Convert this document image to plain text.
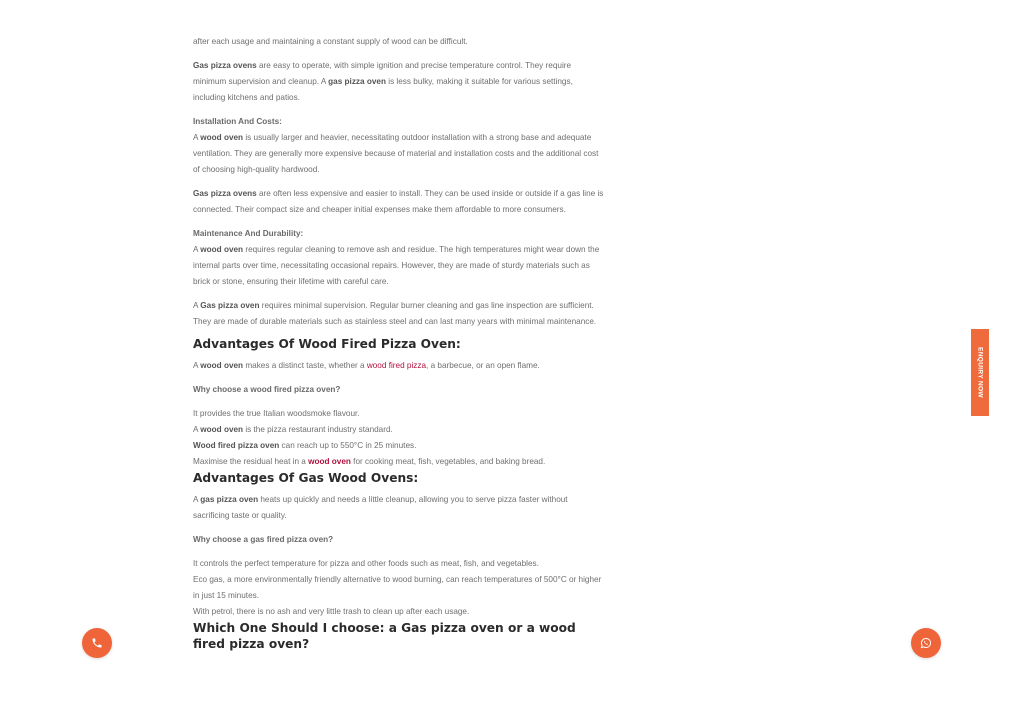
after each usage and maintaining a constant supply of wood can be difficult.

Gas pizza ovens are easy to operate, with simple ignition and precise temperature control. They require minimum supervision and cleanup. A gas pizza oven is less bulky, making it suitable for various settings, including kitchens and patios.

Installation And Costs:

A wood oven is usually larger and heavier, necessitating outdoor installation with a strong base and adequate ventilation. They are generally more expensive because of material and installation costs and the additional cost of choosing high-quality hardwood.

Gas pizza ovens are often less expensive and easier to install. They can be used inside or outside if a gas line is connected. Their compact size and cheaper initial expenses make them affordable to more consumers.

Maintenance And Durability:

A wood oven requires regular cleaning to remove ash and residue. The high temperatures might wear down the internal parts over time, necessitating occasional repairs. However, they are made of sturdy materials such as brick or stone, ensuring their lifetime with careful care.

A Gas pizza oven requires minimal supervision. Regular burner cleaning and gas line inspection are sufficient. They are made of durable materials such as stainless steel and can last many years with minimal maintenance.

Advantages Of Wood Fired Pizza Oven:

A wood oven makes a distinct taste, whether a wood fired pizza, a barbecue, or an open flame.

Why choose a wood fired pizza oven?

It provides the true Italian woodsmoke flavour.

A wood oven is the pizza restaurant industry standard.

Wood fired pizza oven can reach up to 550°C in 25 minutes.

Maximise the residual heat in a wood oven for cooking meat, fish, vegetables, and baking bread.

Advantages Of Gas Wood Ovens:

A gas pizza oven heats up quickly and needs a little cleanup, allowing you to serve pizza faster without sacrificing taste or quality.

Why choose a gas fired pizza oven?

It controls the perfect temperature for pizza and other foods such as meat, fish, and vegetables.

Eco gas, a more environmentally friendly alternative to wood burning, can reach temperatures of 500°C or higher in just 15 minutes.

With petrol, there is no ash and very little trash to clean up after each usage.

Which One Should I choose: a Gas pizza oven or a wood fired pizza oven?
ENQUIRY NOW
